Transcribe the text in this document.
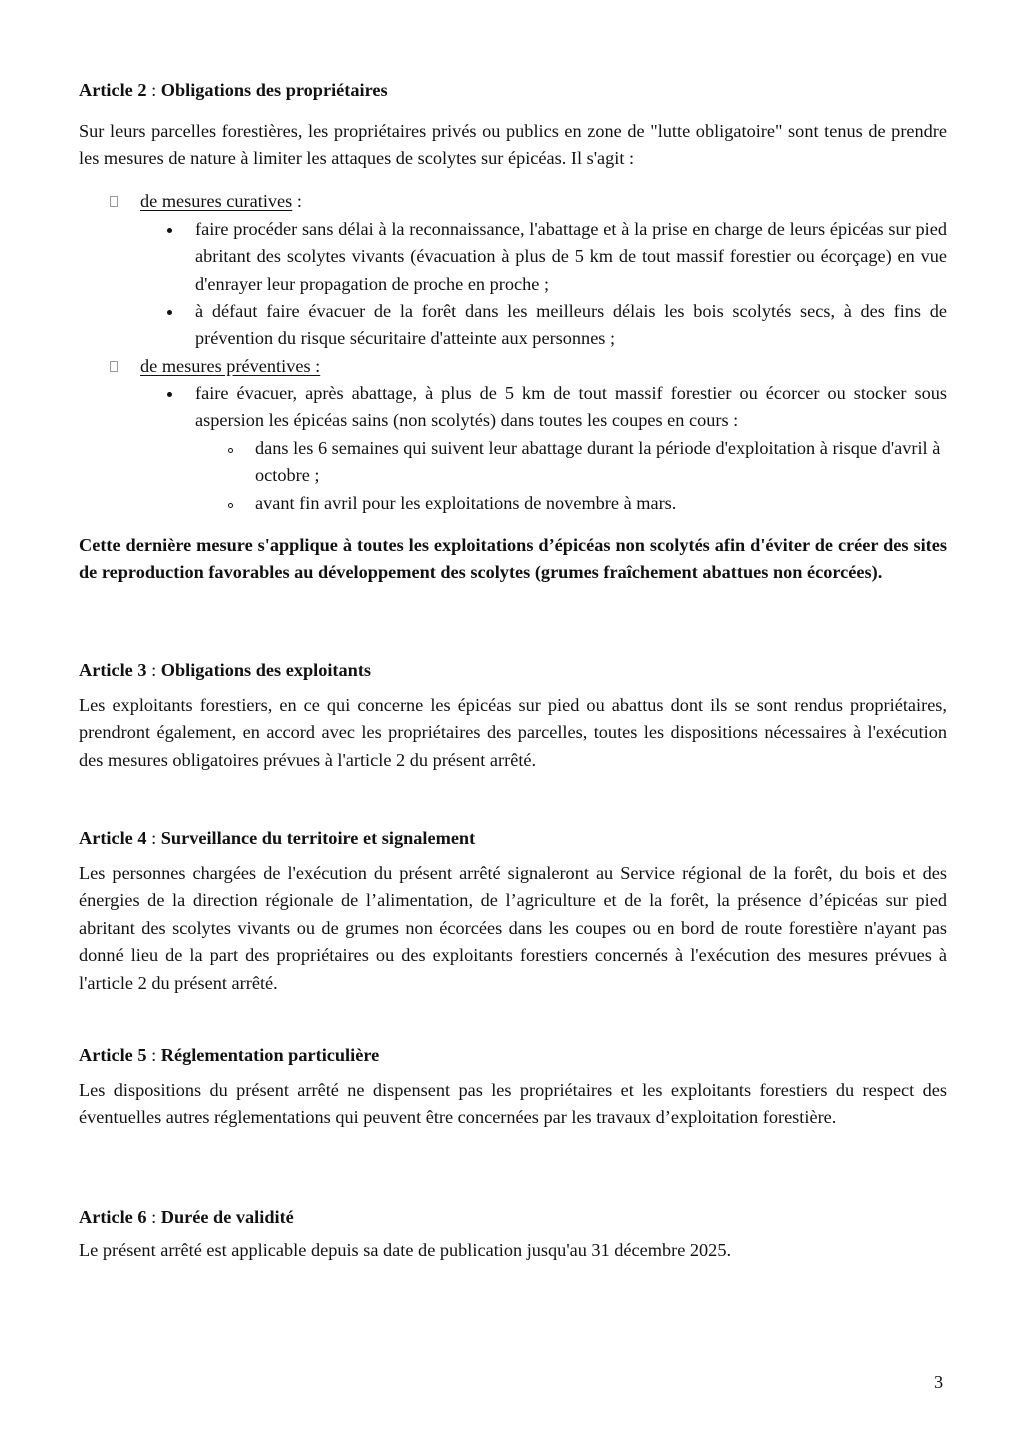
Article 2 : Obligations des propriétaires
Sur leurs parcelles forestières, les propriétaires privés ou publics en zone de "lutte obligatoire" sont tenus de prendre les mesures de nature à limiter les attaques de scolytes sur épicéas. Il s'agit :
de mesures curatives :
faire procéder sans délai à la reconnaissance, l'abattage et à la prise en charge de leurs épicéas sur pied abritant des scolytes vivants (évacuation à plus de 5 km de tout massif forestier ou écorçage) en vue d'enrayer leur propagation de proche en proche ;
à défaut faire évacuer de la forêt dans les meilleurs délais les bois scolytés secs, à des fins de prévention du risque sécuritaire d'atteinte aux personnes ;
de mesures préventives :
faire évacuer, après abattage, à plus de 5 km de tout massif forestier ou écorcer ou stocker sous aspersion les épicéas sains (non scolytés) dans toutes les coupes en cours :
dans les 6 semaines qui suivent leur abattage durant la période d'exploitation à risque d'avril à octobre ;
avant fin avril pour les exploitations de novembre à mars.
Cette dernière mesure s'applique à toutes les exploitations d’épicéas non scolytés afin d'éviter de créer des sites de reproduction favorables au développement des scolytes (grumes fraîchement abattues non écorcées).
Article 3 : Obligations des exploitants
Les exploitants forestiers, en ce qui concerne les épicéas sur pied ou abattus dont ils se sont rendus propriétaires, prendront également, en accord avec les propriétaires des parcelles, toutes les dispositions nécessaires à l'exécution des mesures obligatoires prévues à l'article 2 du présent arrêté.
Article 4 : Surveillance du territoire et signalement
Les personnes chargées de l'exécution du présent arrêté signaleront au Service régional de la forêt, du bois et des énergies de la direction régionale de l’alimentation, de l’agriculture et de la forêt, la présence d’épicéas sur pied abritant des scolytes vivants ou de grumes non écorcées dans les coupes ou en bord de route forestière n'ayant pas donné lieu de la part des propriétaires ou des exploitants forestiers concernés à l'exécution des mesures prévues à l'article 2 du présent arrêté.
Article 5 : Réglementation particulière
Les dispositions du présent arrêté ne dispensent pas les propriétaires et les exploitants forestiers du respect des éventuelles autres réglementations qui peuvent être concernées par les travaux d’exploitation forestière.
Article 6 : Durée de validité
Le présent arrêté est applicable depuis sa date de publication jusqu'au 31 décembre 2025.
3
